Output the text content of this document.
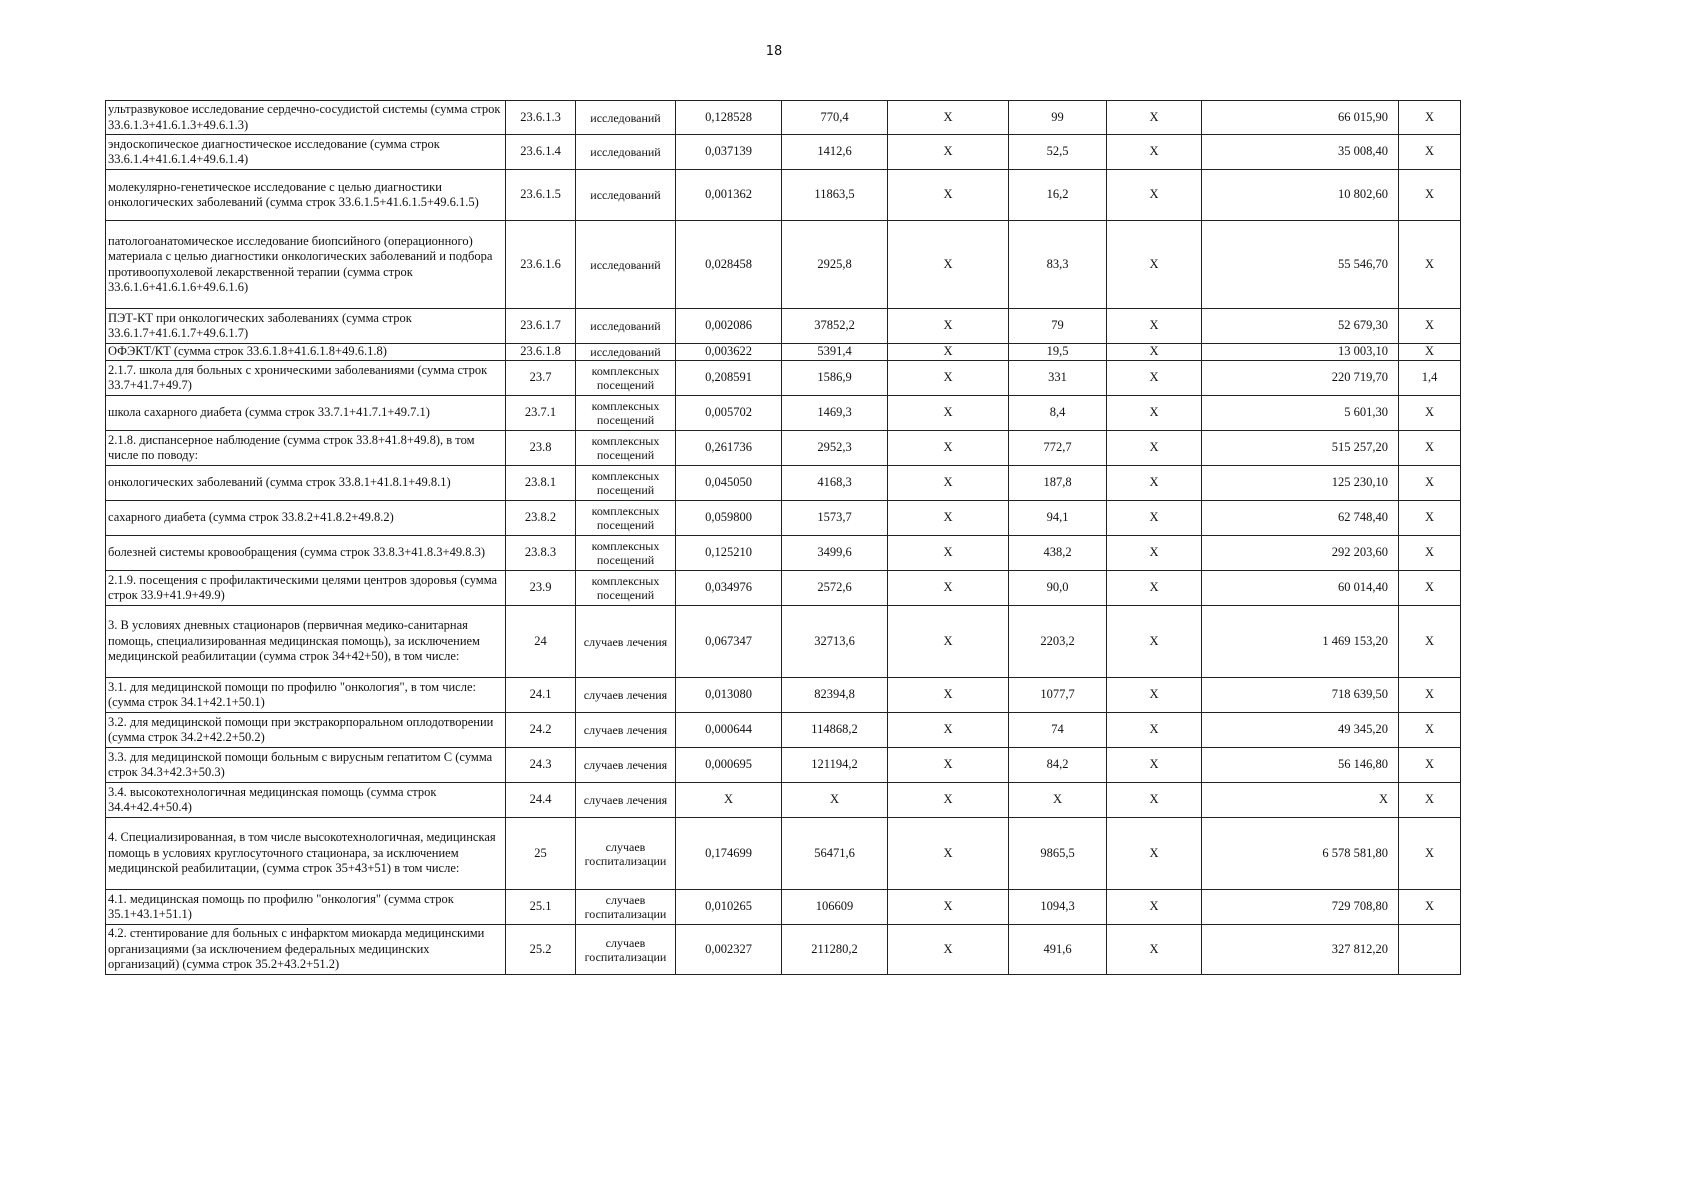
18
ультразвуковое исследование сердечно-сосудистой системы (сумма строк 33.6.1.3+41.6.1.3+49.6.1.3)	23.6.1.3	исследований	0,128528	770,4	X	99	X	66 015,90	X
эндоскопическое диагностическое исследование (сумма строк 33.6.1.4+41.6.1.4+49.6.1.4)	23.6.1.4	исследований	0,037139	1412,6	X	52,5	X	35 008,40	X
молекулярно-генетическое исследование с целью диагностики онкологических заболеваний (сумма строк 33.6.1.5+41.6.1.5+49.6.1.5)	23.6.1.5	исследований	0,001362	11863,5	X	16,2	X	10 802,60	X
патологоанатомическое исследование биопсийного (операционного) материала с целью диагностики онкологических заболеваний и подбора противоопухолевой лекарственной терапии (сумма строк 33.6.1.6+41.6.1.6+49.6.1.6)	23.6.1.6	исследований	0,028458	2925,8	X	83,3	X	55 546,70	X
ПЭТ-КТ при онкологических заболеваниях (сумма строк 33.6.1.7+41.6.1.7+49.6.1.7)	23.6.1.7	исследований	0,002086	37852,2	X	79	X	52 679,30	X
ОФЭКТ/КТ (сумма строк 33.6.1.8+41.6.1.8+49.6.1.8)	23.6.1.8	исследований	0,003622	5391,4	X	19,5	X	13 003,10	X
2.1.7. школа для больных с хроническими заболеваниями (сумма строк 33.7+41.7+49.7)	23.7	комплексных посещений	0,208591	1586,9	X	331	X	220 719,70	1,4
школа сахарного диабета (сумма строк 33.7.1+41.7.1+49.7.1)	23.7.1	комплексных посещений	0,005702	1469,3	X	8,4	X	5 601,30	X
2.1.8. диспансерное наблюдение (сумма строк 33.8+41.8+49.8), в том числе по поводу:	23.8	комплексных посещений	0,261736	2952,3	X	772,7	X	515 257,20	X
онкологических заболеваний (сумма строк 33.8.1+41.8.1+49.8.1)	23.8.1	комплексных посещений	0,045050	4168,3	X	187,8	X	125 230,10	X
сахарного диабета (сумма строк 33.8.2+41.8.2+49.8.2)	23.8.2	комплексных посещений	0,059800	1573,7	X	94,1	X	62 748,40	X
болезней системы кровообращения (сумма строк 33.8.3+41.8.3+49.8.3)	23.8.3	комплексных посещений	0,125210	3499,6	X	438,2	X	292 203,60	X
2.1.9. посещения с профилактическими целями центров здоровья (сумма строк 33.9+41.9+49.9)	23.9	комплексных посещений	0,034976	2572,6	X	90,0	X	60 014,40	X
3. В условиях дневных стационаров (первичная медико-санитарная помощь, специализированная медицинская помощь), за исключением медицинской реабилитации (сумма строк 34+42+50), в том числе:	24	случаев лечения	0,067347	32713,6	X	2203,2	X	1 469 153,20	X
3.1. для медицинской помощи по профилю "онкология", в том числе: (сумма строк 34.1+42.1+50.1)	24.1	случаев лечения	0,013080	82394,8	X	1077,7	X	718 639,50	X
3.2. для медицинской помощи при экстракорпоральном оплодотворении (сумма строк 34.2+42.2+50.2)	24.2	случаев лечения	0,000644	114868,2	X	74	X	49 345,20	X
3.3. для медицинской помощи больным с вирусным гепатитом С (сумма строк 34.3+42.3+50.3)	24.3	случаев лечения	0,000695	121194,2	X	84,2	X	56 146,80	X
3.4. высокотехнологичная медицинская помощь (сумма строк 34.4+42.4+50.4)	24.4	случаев лечения	X	X	X	X	X	X	X
4. Специализированная, в том числе высокотехнологичная, медицинская помощь в условиях круглосуточного стационара, за исключением медицинской реабилитации, (сумма строк 35+43+51) в том числе:	25	случаев госпитализации	0,174699	56471,6	X	9865,5	X	6 578 581,80	X
4.1. медицинская помощь по профилю "онкология" (сумма строк 35.1+43.1+51.1)	25.1	случаев госпитализации	0,010265	106609	X	1094,3	X	729 708,80	X
4.2. стентирование для больных с инфарктом миокарда медицинскими организациями (за исключением федеральных медицинских организаций) (сумма строк 35.2+43.2+51.2)	25.2	случаев госпитализации	0,002327	211280,2	X	491,6	X	327 812,20	
